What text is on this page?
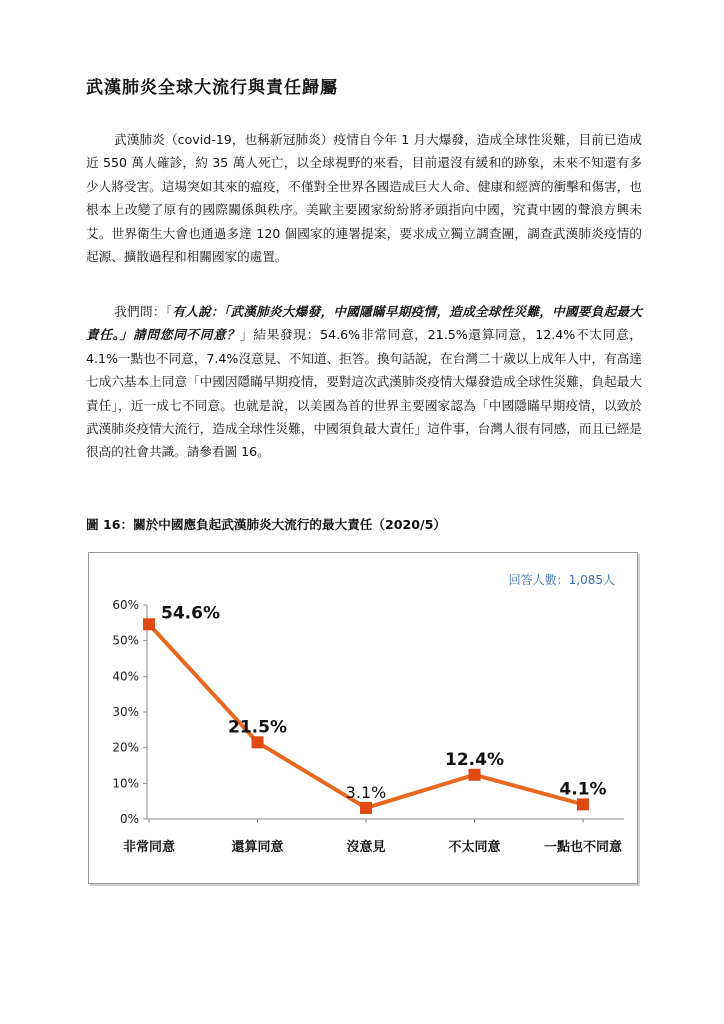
武漢肺炎全球大流行與責任歸屬
武漢肺炎（covid-19，也稱新冠肺炎）疫情自今年 1 月大爆發，造成全球性災難，目前已造成近 550 萬人確診，約 35 萬人死亡，以全球視野的來看，目前還沒有緩和的跡象，未來不知還有多少人將受害。這場突如其來的瘟疫，不僅對全世界各國造成巨大人命、健康和經濟的衝擊和傷害，也根本上改變了原有的國際關係與秩序。美歐主要國家紛紛將矛頭指向中國，究責中國的聲浪方興未艾。世界衛生大會也通過多達 120 個國家的連署提案，要求成立獨立調查團，調查武漢肺炎疫情的起源、擴散過程和相關國家的處置。
我們問：「有人說：「武漢肺炎大爆發，中國隱瞞早期疫情，造成全球性災難，中國要負起最大責任。」請問您同不同意？」結果發現：54.6%非常同意，21.5%還算同意，12.4%不太同意，4.1%一點也不同意，7.4%沒意見、不知道、拒答。換句話說，在台灣二十歲以上成年人中，有高達七成六基本上同意「中國因隱瞞早期疫情，要對這次武漢肺炎疫情大爆發造成全球性災難，負起最大責任」，近一成七不同意。也就是說，以美國為首的世界主要國家認為「中國隱瞞早期疫情，以致於武漢肺炎疫情大流行，造成全球性災難，中國須負最大責任」這件事，台灣人很有同感，而且已經是很高的社會共識。請參看圖 16。
圖 16：關於中國應負起武漢肺炎大流行的最大責任（2020/5）
回答人數：1,085人
0%
10%
20%
30%
40%
50%
60%
非常同意	還算同意	沒意見	不太同意	一點也不同意
54.6%
21.5%
3.1%
12.4%
4.1%
